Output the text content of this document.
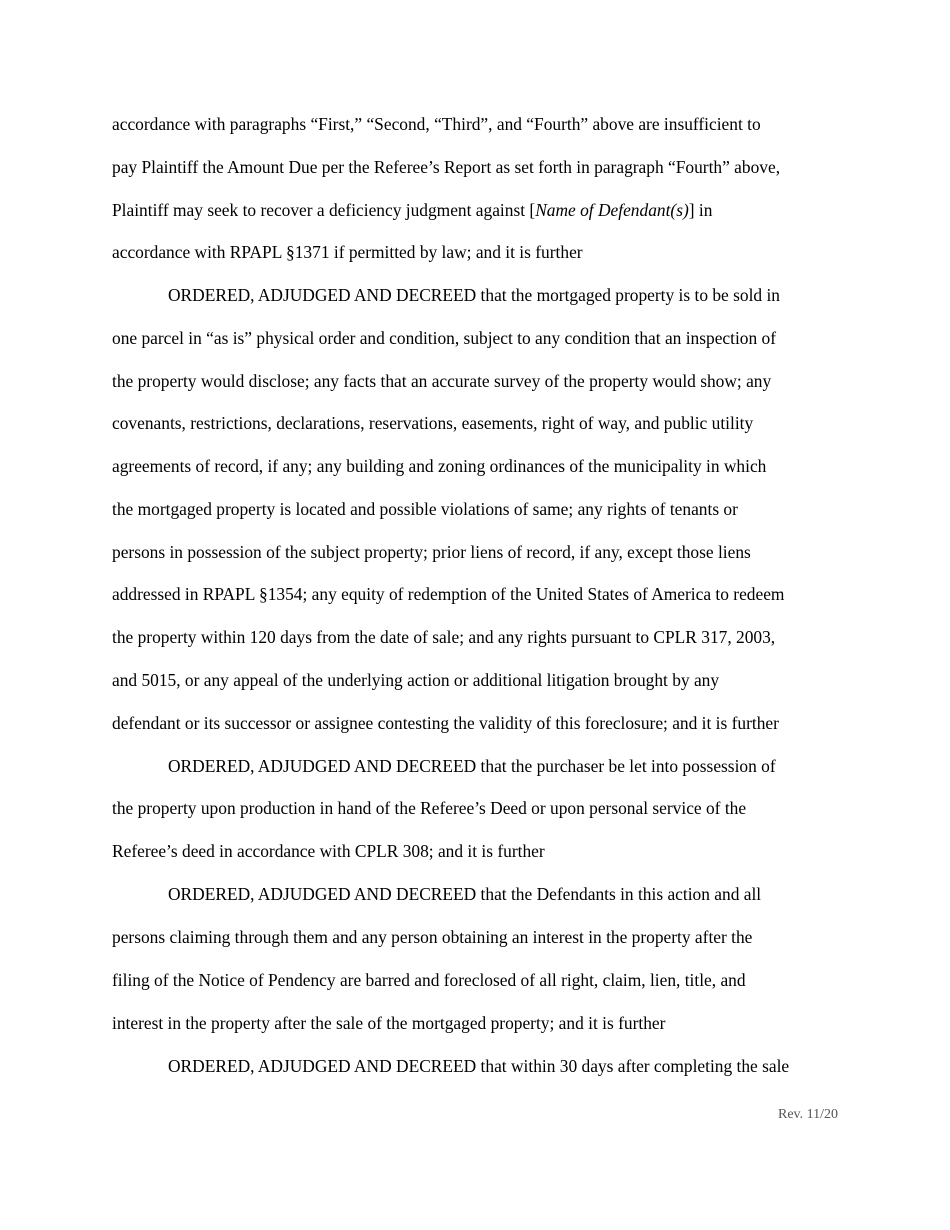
accordance with paragraphs “First,” “Second, “Third”, and “Fourth” above are insufficient to
pay Plaintiff the Amount Due per the Referee’s Report as set forth in paragraph “Fourth” above,
Plaintiff may seek to recover a deficiency judgment against [Name of Defendant(s)] in
accordance with RPAPL §1371 if permitted by law; and it is further
ORDERED, ADJUDGED AND DECREED that the mortgaged property is to be sold in
one parcel in “as is” physical order and condition, subject to any condition that an inspection of
the property would disclose; any facts that an accurate survey of the property would show; any
covenants, restrictions, declarations, reservations, easements, right of way, and public utility
agreements of record, if any; any building and zoning ordinances of the municipality in which
the mortgaged property is located and possible violations of same; any rights of tenants or
persons in possession of the subject property; prior liens of record, if any, except those liens
addressed in RPAPL §1354; any equity of redemption of the United States of America to redeem
the property within 120 days from the date of sale; and any rights pursuant to CPLR 317, 2003,
and 5015, or any appeal of the underlying action or additional litigation brought by any
defendant or its successor or assignee contesting the validity of this foreclosure; and it is further
ORDERED, ADJUDGED AND DECREED that the purchaser be let into possession of
the property upon production in hand of the Referee’s Deed or upon personal service of the
Referee’s deed in accordance with CPLR 308; and it is further
ORDERED, ADJUDGED AND DECREED that the Defendants in this action and all
persons claiming through them and any person obtaining an interest in the property after the
filing of the Notice of Pendency are barred and foreclosed of all right, claim, lien, title, and
interest in the property after the sale of the mortgaged property; and it is further
ORDERED, ADJUDGED AND DECREED that within 30 days after completing the sale
Rev. 11/20
